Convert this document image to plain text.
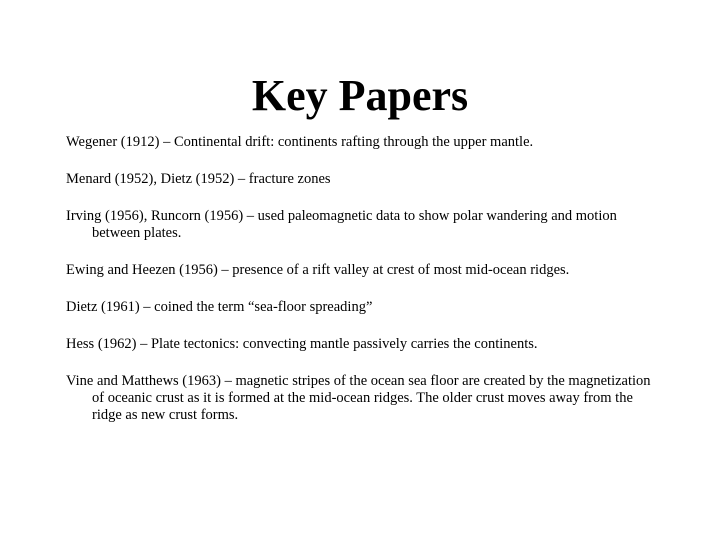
Key Papers
Wegener (1912) – Continental drift: continents rafting through the upper mantle.
Menard (1952), Dietz (1952) – fracture zones
Irving (1956), Runcorn (1956) – used paleomagnetic data to show polar wandering and motion between plates.
Ewing and Heezen (1956) – presence of a rift valley at crest of most mid-ocean ridges.
Dietz (1961) – coined the term “sea-floor spreading”
Hess (1962) – Plate tectonics: convecting mantle passively carries the continents.
Vine and Matthews (1963) – magnetic stripes of the ocean sea floor are created by the magnetization of oceanic crust as it is formed at the mid-ocean ridges. The older crust moves away from the ridge as new crust forms.
